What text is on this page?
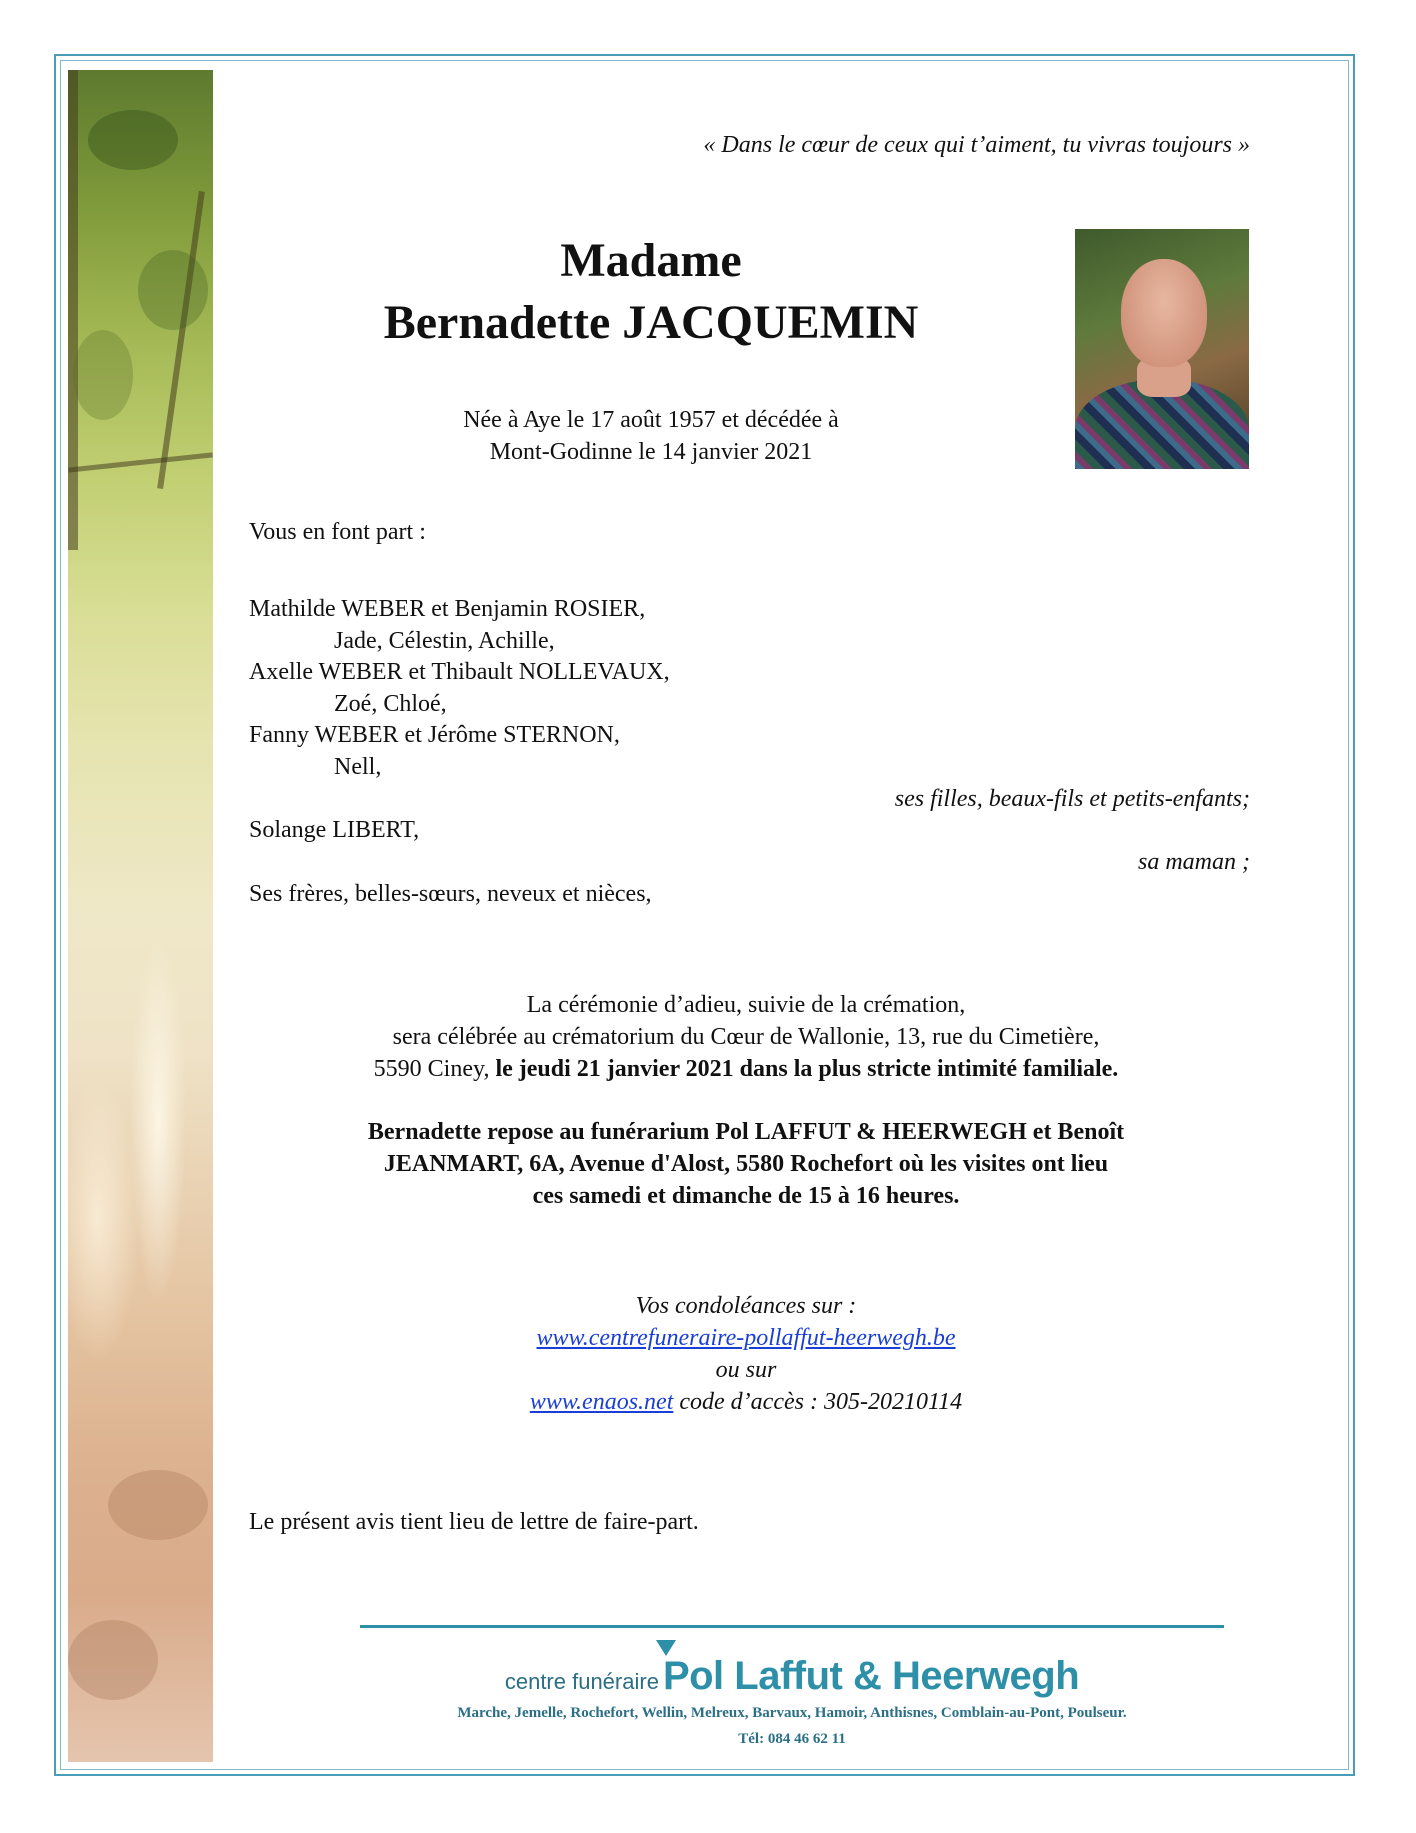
« Dans le cœur de ceux qui t’aiment, tu vivras toujours »
Madame
Bernadette JACQUEMIN
Née à Aye le 17 août 1957 et décédée à
Mont-Godinne le 14 janvier 2021
Vous en font part :
Mathilde WEBER et Benjamin ROSIER,
Jade, Célestin, Achille,
Axelle WEBER et Thibault NOLLEVAUX,
Zoé, Chloé,
Fanny WEBER et Jérôme STERNON,
Nell,
ses filles, beaux-fils et petits-enfants;
Solange LIBERT,
sa maman ;
Ses frères, belles-sœurs, neveux et nièces,
La cérémonie d’adieu, suivie de la crémation,
sera célébrée au crématorium du Cœur de Wallonie, 13, rue du Cimetière,
5590 Ciney, le jeudi 21 janvier 2021 dans la plus stricte intimité familiale.
Bernadette repose au funérarium Pol LAFFUT & HEERWEGH et Benoît
JEANMART, 6A, Avenue d'Alost, 5580 Rochefort où les visites ont lieu
ces samedi et dimanche de 15 à 16 heures.
Vos condoléances sur :
www.centrefuneraire-pollaffut-heerwegh.be
ou sur
www.enaos.net code d’accès : 305-20210114
Le présent avis tient lieu de lettre de faire-part.
centre funéraire Pol Laffut & Heerwegh
Marche, Jemelle, Rochefort, Wellin, Melreux, Barvaux, Hamoir, Anthisnes, Comblain-au-Pont, Poulseur.
Tél: 084 46 62 11
